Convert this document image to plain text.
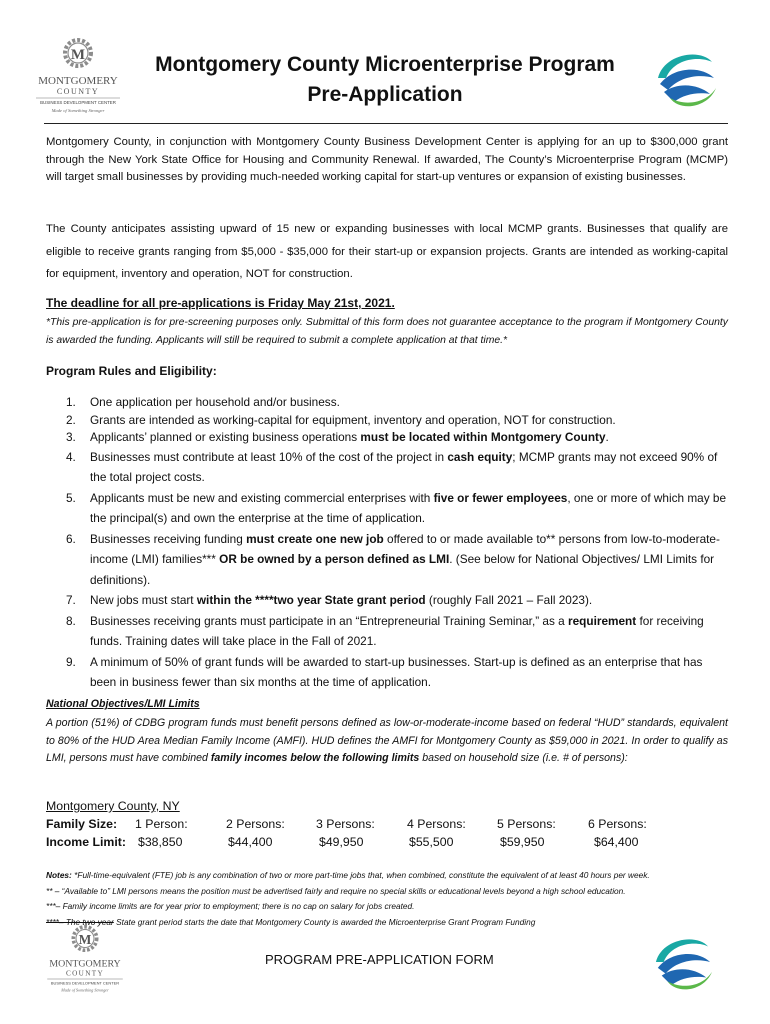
M
MONTGOMERY
COUNTY
BUSINESS DEVELOPMENT CENTER
Made of Something Stronger
Montgomery County Microenterprise Program
Pre-Application
Montgomery County, in conjunction with Montgomery County Business Development Center is applying for an up to $300,000 grant through the New York State Office for Housing and Community Renewal. If awarded, The County’s Microenterprise Program (MCMP) will target small businesses by providing much-needed working capital for start-up ventures or expansion of existing businesses.
The County anticipates assisting upward of 15 new or expanding businesses with local MCMP grants. Businesses that qualify are eligible to receive grants ranging from $5,000 - $35,000 for their start-up or expansion projects. Grants are intended as working-capital for equipment, inventory and operation, NOT for construction.
The deadline for all pre-applications is Friday May 21st, 2021.
*This pre-application is for pre-screening purposes only. Submittal of this form does not guarantee acceptance to the program if Montgomery County is awarded the funding. Applicants will still be required to submit a complete application at that time.*
Program Rules and Eligibility:
1. One application per household and/or business.
2. Grants are intended as working-capital for equipment, inventory and operation, NOT for construction.
3. Applicants’ planned or existing business operations must be located within Montgomery County.
4. Businesses must contribute at least 10% of the cost of the project in cash equity; MCMP grants may not exceed 90% of the total project costs.
5. Applicants must be new and existing commercial enterprises with five or fewer employees, one or more of which may be the principal(s) and own the enterprise at the time of application.
6. Businesses receiving funding must create one new job offered to or made available to** persons from low-to-moderate-income (LMI) families*** OR be owned by a person defined as LMI. (See below for National Objectives/ LMI Limits for definitions).
7. New jobs must start within the ****two year State grant period (roughly Fall 2021 – Fall 2023).
8. Businesses receiving grants must participate in an “Entrepreneurial Training Seminar,” as a requirement for receiving funds. Training dates will take place in the Fall of 2021.
9. A minimum of 50% of grant funds will be awarded to start-up businesses. Start-up is defined as an enterprise that has been in business fewer than six months at the time of application.
National Objectives/LMI Limits
A portion (51%) of CDBG program funds must benefit persons defined as low-or-moderate-income based on federal “HUD” standards, equivalent to 80% of the HUD Area Median Family Income (AMFI). HUD defines the AMFI for Montgomery County as $59,000 in 2021. In order to qualify as LMI, persons must have combined family incomes below the following limits based on household size (i.e. # of persons):
Montgomery County, NY
Family Size: 1 Person:	2 Persons:	3 Persons:	4 Persons:	5 Persons:	6 Persons:
Income Limit: $38,850	$44,400	$49,950	$55,500	$59,950	$64,400
Notes: *Full-time-equivalent (FTE) job is any combination of two or more part-time jobs that, when combined, constitute the equivalent of at least 40 hours per week.
** – “Available to” LMI persons means the position must be advertised fairly and require no special skills or educational levels beyond a high school education.
***– Family income limits are for year prior to employment; there is no cap on salary for jobs created.
****– The two year State grant period starts the date that Montgomery County is awarded the Microenterprise Grant Program Funding
M
MONTGOMERY
COUNTY
BUSINESS DEVELOPMENT CENTER
Made of Something Stronger
PROGRAM PRE-APPLICATION FORM
